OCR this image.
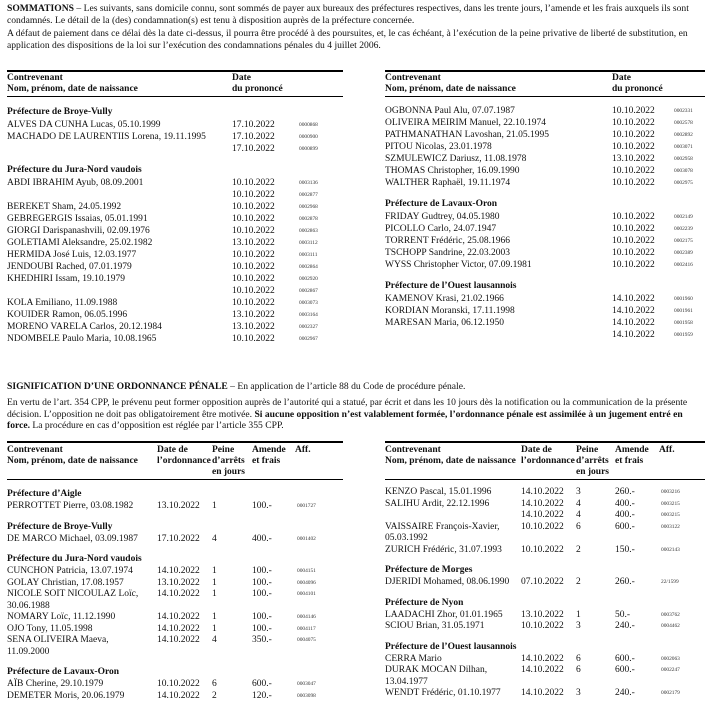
SOMMATIONS – Les suivants, sans domicile connu, sont sommés de payer aux bureaux des préfectures respectives, dans les trente jours, l’amende et les frais auxquels ils sont condamnés. Le détail de la (des) condamnation(s) est tenu à disposition auprès de la préfecture concernée.

A défaut de paiement dans ce délai dès la date ci-dessus, il pourra être procédé à des poursuites, et, le cas échéant, à l’exécution de la peine privative de liberté de substitution, en application des dispositions de la loi sur l’exécution des condamnations pénales du 4 juillet 2006.

Contrevenant
Nom, prénom, date de naissance
Date
du prononcé
Préfecture de Broye-Vully
ALVES DA CUNHA Lucas, 05.10.1999	17.10.2022	0000868
MACHADO DE LAURENTIIS Lorena, 19.11.1995	17.10.2022	0000900
17.10.2022	0000899
Préfecture du Jura-Nord vaudois
ABDI IBRAHIM Ayub, 08.09.2001	10.10.2022	0003136
10.10.2022	0002877
BEREKET Sham, 24.05.1992	10.10.2022	0002968
GEBREGERGIS Issaias, 05.01.1991	10.10.2022	0002878
GIORGI Darispanashvili, 02.09.1976	10.10.2022	0002863
GOLETIAMI Aleksandre, 25.02.1982	13.10.2022	0003112
HERMIDA José Luis, 12.03.1977	10.10.2022	0003111
JENDOUBI Rached, 07.01.1979	10.10.2022	0002864
KHEDHIRI Issam, 19.10.1979	10.10.2022	0002920
10.10.2022	0002867
KOLA Emiliano, 11.09.1988	10.10.2022	0003073
KOUIDER Ramon, 06.05.1996	13.10.2022	0003164
MORENO VARELA Carlos, 20.12.1984	13.10.2022	0002327
NDOMBELE Paulo Maria, 10.08.1965	10.10.2022	0002967
Contrevenant
Nom, prénom, date de naissance
Date
du prononcé
OGBONNA Paul Alu, 07.07.1987	10.10.2022	0002331
OLIVEIRA MEIRIM Manuel, 22.10.1974	10.10.2022	0002578
PATHMANATHAN Lavoshan, 21.05.1995	10.10.2022	0002892
PITOU Nicolas, 23.01.1978	10.10.2022	0003071
SZMULEWICZ Dariusz, 11.08.1978	13.10.2022	0002958
THOMAS Christopher, 16.09.1990	10.10.2022	0003078
WALTHER Raphaël, 19.11.1974	10.10.2022	0002975
Préfecture de Lavaux-Oron
FRIDAY Gudtrey, 04.05.1980	10.10.2022	0002149
PICOLLO Carlo, 24.07.1947	10.10.2022	0002239
TORRENT Frédéric, 25.08.1966	10.10.2022	0002175
TSCHOPP Sandrine, 22.03.2003	10.10.2022	0002389
WYSS Christopher Victor, 07.09.1981	10.10.2022	0002416
Préfecture de l’Ouest lausannois
KAMENOV Krasi, 21.02.1966	14.10.2022	0001960
KORDIAN Moranski, 17.11.1998	14.10.2022	0001961
MARESAN Maria, 06.12.1950	14.10.2022	0001958
14.10.2022	0001959

SIGNIFICATION D’UNE ORDONNANCE PÉNALE – En application de l’article 88 du Code de procédure pénale.

En vertu de l’art. 354 CPP, le prévenu peut former opposition auprès de l’autorité qui a statué, par écrit et dans les 10 jours dès la notification ou la communication de la présente décision. L’opposition ne doit pas obligatoirement être motivée. Si aucune opposition n’est valablement formée, l’ordonnance pénale est assimilée à un jugement entré en force. La procédure en cas d’opposition est réglée par l’article 355 CPP.

Contrevenant
Nom, prénom, date de naissance
Date de
l’ordonnance
Peine
d’arrêts
en jours
Amende
et frais
Aff.
Préfecture d’Aigle
PERROTTET Pierre, 03.08.1982	13.10.2022 1	100.-	0001727
Préfecture de Broye-Vully
DE MARCO Michael, 03.09.1987 17.10.2022 4	400.-	0001402
Préfecture du Jura-Nord vaudois
CUNCHON Patricia, 13.07.1974	14.10.2022 1	100.-	0004151
GOLAY Christian, 17.08.1957	13.10.2022 1	100.-	0004096
NICOLE SOIT NICOULAZ Loïc, 14.10.2022 1	100.-	0004101
30.06.1988
NOMARY Loïc, 11.12.1990	14.10.2022 1	100.-	0004146
OJO Tony, 11.05.1998	14.10.2022 1	100.-	0004117
SENA OLIVEIRA Maeva,	14.10.2022 4	350.-	0004075
11.09.2000
Préfecture de Lavaux-Oron
AÏB Cherine, 29.10.1979	10.10.2022 6	600.-	0003047
DEMETER Moris, 20.06.1979	14.10.2022 2	120.-	0003098
Contrevenant
Nom, prénom, date de naissance
Date de
l’ordonnance
Peine
d’arrêts
en jours
Amende
et frais
Aff.
KENZO Pascal, 15.01.1996	14.10.2022 3	260.-	0003216
SALIHU Ardit, 22.12.1996	14.10.2022 4	400.-	0003215
14.10.2022 4	400.-	0003215
VAISSAIRE François-Xavier, 10.10.2022 6	600.-	0003122
05.03.1992
ZURICH Frédéric, 31.07.1993 10.10.2022 2	150.-	0002143
Préfecture de Morges
DJERIDI Mohamed, 08.06.1990 07.10.2022 2	260.-	22/1599
Préfecture de Nyon
LAADACHI Zhor, 01.01.1965 13.10.2022 1	50.-	0003762
SCIOU Brian, 31.05.1971	10.10.2022 3	240.-	0004462
Préfecture de l’Ouest lausannois
CERRA Mario	14.10.2022 6	600.-	0002063
DURAK MOCAN Dilhan,	14.10.2022 6	600.-	0002247
13.04.1977
WENDT Frédéric, 01.10.1977 14.10.2022 3	240.-	0002179
